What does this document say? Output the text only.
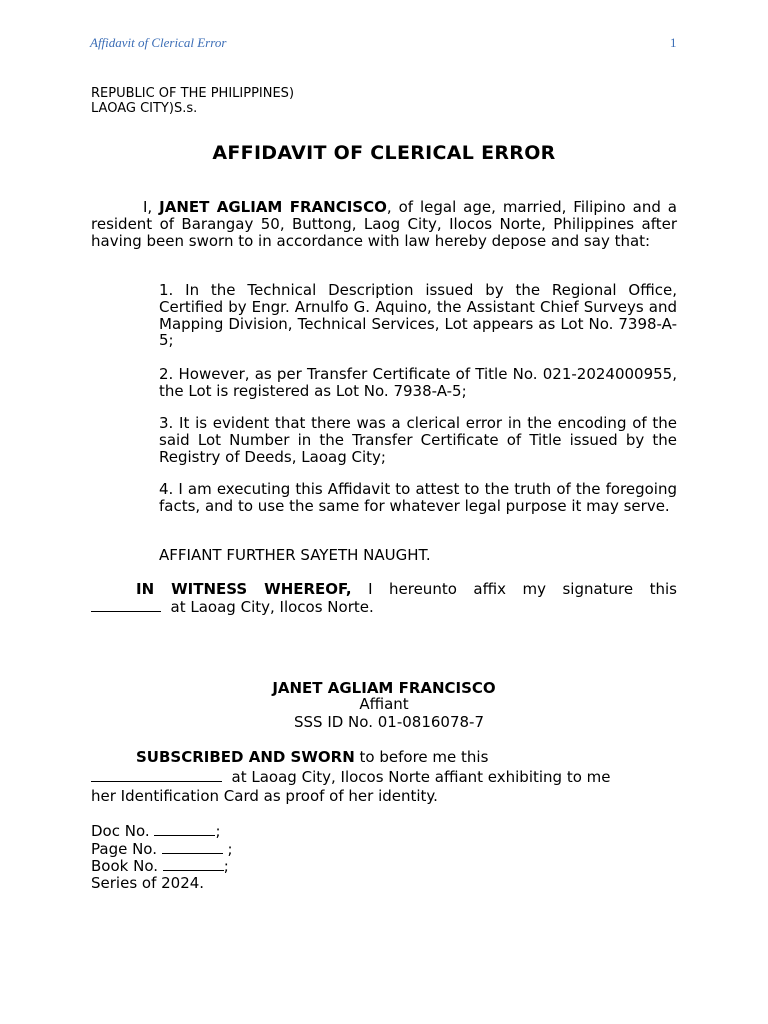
Affidavit of Clerical Error	1
REPUBLIC OF THE PHILIPPINES)
LAOAG CITY)S.s.
AFFIDAVIT OF CLERICAL ERROR
I, JANET AGLIAM FRANCISCO, of legal age, married, Filipino and a resident of Barangay 50, Buttong, Laog City, Ilocos Norte, Philippines after having been sworn to in accordance with law hereby depose and say that:
1. In the Technical Description issued by the Regional Office, Certified by Engr. Arnulfo G. Aquino, the Assistant Chief Surveys and Mapping Division, Technical Services, Lot appears as Lot No. 7398-A-5;
2. However, as per Transfer Certificate of Title No. 021-2024000955, the Lot is registered as Lot No. 7938-A-5;
3. It is evident that there was a clerical error in the encoding of the said Lot Number in the Transfer Certificate of Title issued by the Registry of Deeds, Laoag City;
4. I am executing this Affidavit to attest to the truth of the foregoing facts, and to use the same for whatever legal purpose it may serve.
AFFIANT FURTHER SAYETH NAUGHT.
IN WITNESS WHEREOF, I hereunto affix my signature this
at Laoag City, Ilocos Norte.
JANET AGLIAM FRANCISCO
Affiant
SSS ID No. 01-0816078-7
SUBSCRIBED AND SWORN to before me this
at Laoag City, Ilocos Norte affiant exhibiting to me
her Identification Card as proof of her identity.
Doc No.	;
Page No.	;
Book No.	;
Series of 2024.
